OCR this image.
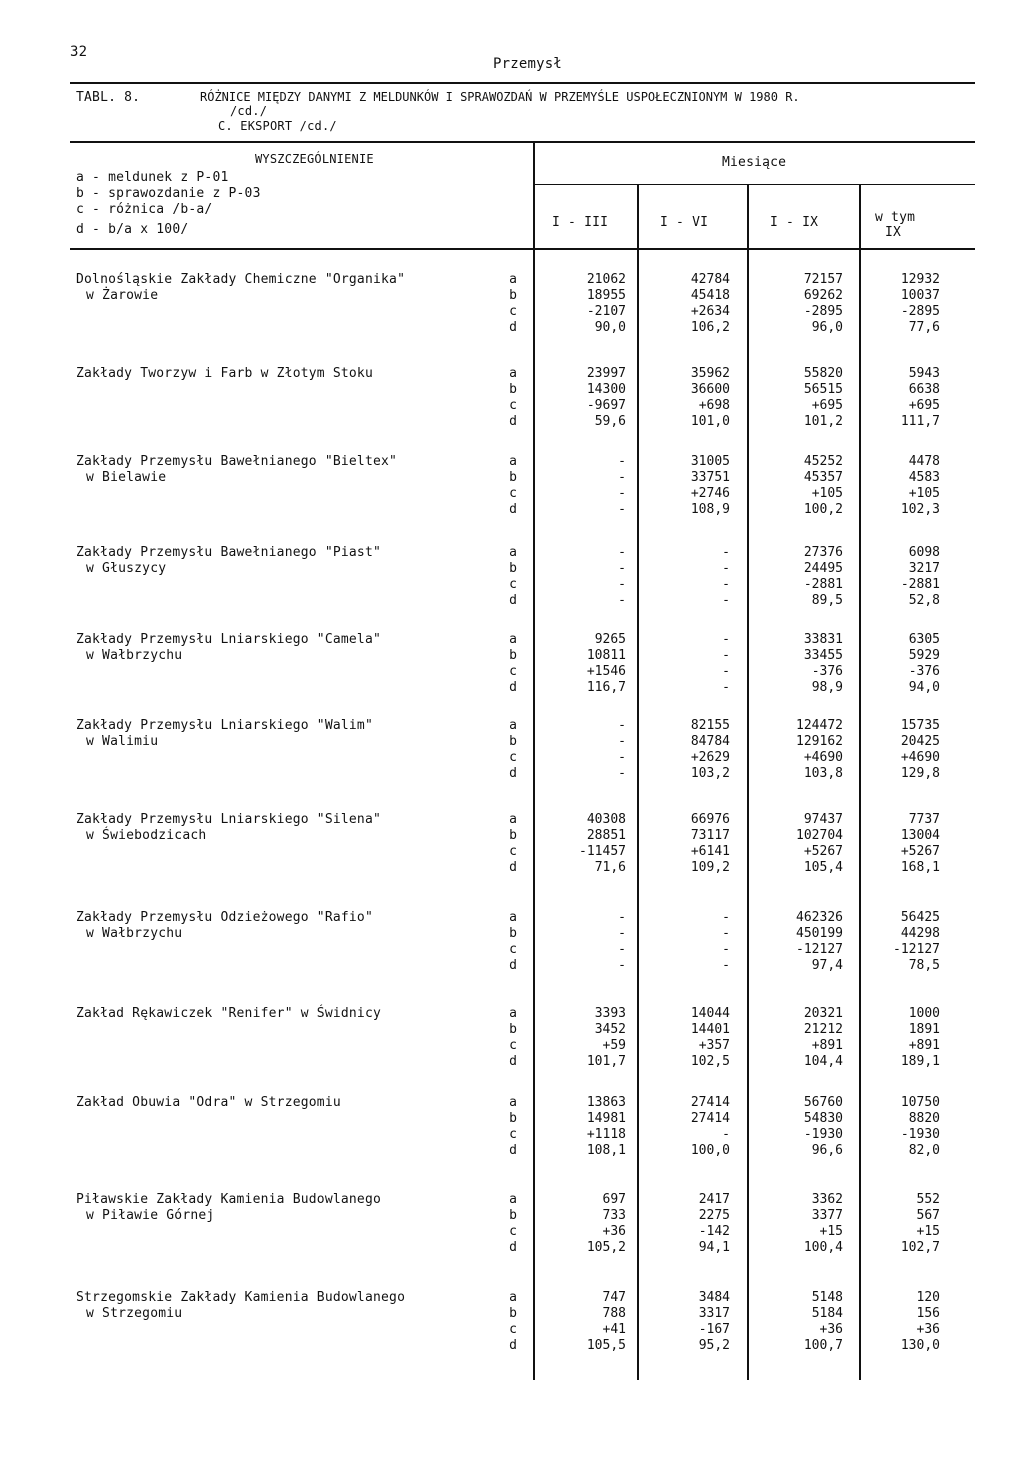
32
Przemysł
TABL. 8.	RÓŻNICE MIĘDZY DANYMI Z MELDUNKÓW I SPRAWOZDAŃ W PRZEMYŚLE USPOŁECZNIONYM W 1980 R.
/cd./
C. EKSPORT /cd./
WYSZCZEGÓLNIENIE
a - meldunek z P-01
b - sprawozdanie z P-03
c - różnica /b-a/
d - b/a x 100/
Miesiące
I - III	I - VI	I - IX	w tym
IX
Dolnośląskie Zakłady Chemiczne "Organika"
w Żarowie
a	21062	42784	72157	12932
b	18955	45418	69262	10037
c	-2107	+2634	-2895	-2895
d	90,0	106,2	96,0	77,6
Zakłady Tworzyw i Farb w Złotym Stoku	a	23997	35962	55820	5943
b	14300	36600	56515	6638
c	-9697	+698	+695	+695
d	59,6	101,0	101,2	111,7
Zakłady Przemysłu Bawełnianego "Bieltex"
w Bielawie
a	-	31005	45252	4478
b	-	33751	45357	4583
c	-	+2746	+105	+105
d	-	108,9	100,2	102,3
Zakłady Przemysłu Bawełnianego "Piast"
w Głuszycy
a	-	-	27376	6098
b	-	-	24495	3217
c	-	-	-2881	-2881
d	-	-	89,5	52,8
Zakłady Przemysłu Lniarskiego "Camela"
w Wałbrzychu
a	9265	-	33831	6305
b	10811	-	33455	5929
c	+1546	-	-376	-376
d	116,7	-	98,9	94,0
Zakłady Przemysłu Lniarskiego "Walim"
w Walimiu
a	-	82155	124472	15735
b	-	84784	129162	20425
c	-	+2629	+4690	+4690
d	-	103,2	103,8	129,8
Zakłady Przemysłu Lniarskiego "Silena"
w Świebodzicach
a	40308	66976	97437	7737
b	28851	73117	102704	13004
c	-11457	+6141	+5267	+5267
d	71,6	109,2	105,4	168,1
Zakłady Przemysłu Odzieżowego "Rafio"
w Wałbrzychu
a	-	-	462326	56425
b	-	-	450199	44298
c	-	-	-12127	-12127
d	-	-	97,4	78,5
Zakład Rękawiczek "Renifer" w Świdnicy	a	3393	14044	20321	1000
b	3452	14401	21212	1891
c	+59	+357	+891	+891
d	101,7	102,5	104,4	189,1
Zakład Obuwia "Odra" w Strzegomiu	a	13863	27414	56760	10750
b	14981	27414	54830	8820
c	+1118	-	-1930	-1930
d	108,1	100,0	96,6	82,0
Piławskie Zakłady Kamienia Budowlanego
w Piławie Górnej
a	697	2417	3362	552
b	733	2275	3377	567
c	+36	-142	+15	+15
d	105,2	94,1	100,4	102,7
Strzegomskie Zakłady Kamienia Budowlanego
w Strzegomiu
a	747	3484	5148	120
b	788	3317	5184	156
c	+41	-167	+36	+36
d	105,5	95,2	100,7	130,0
